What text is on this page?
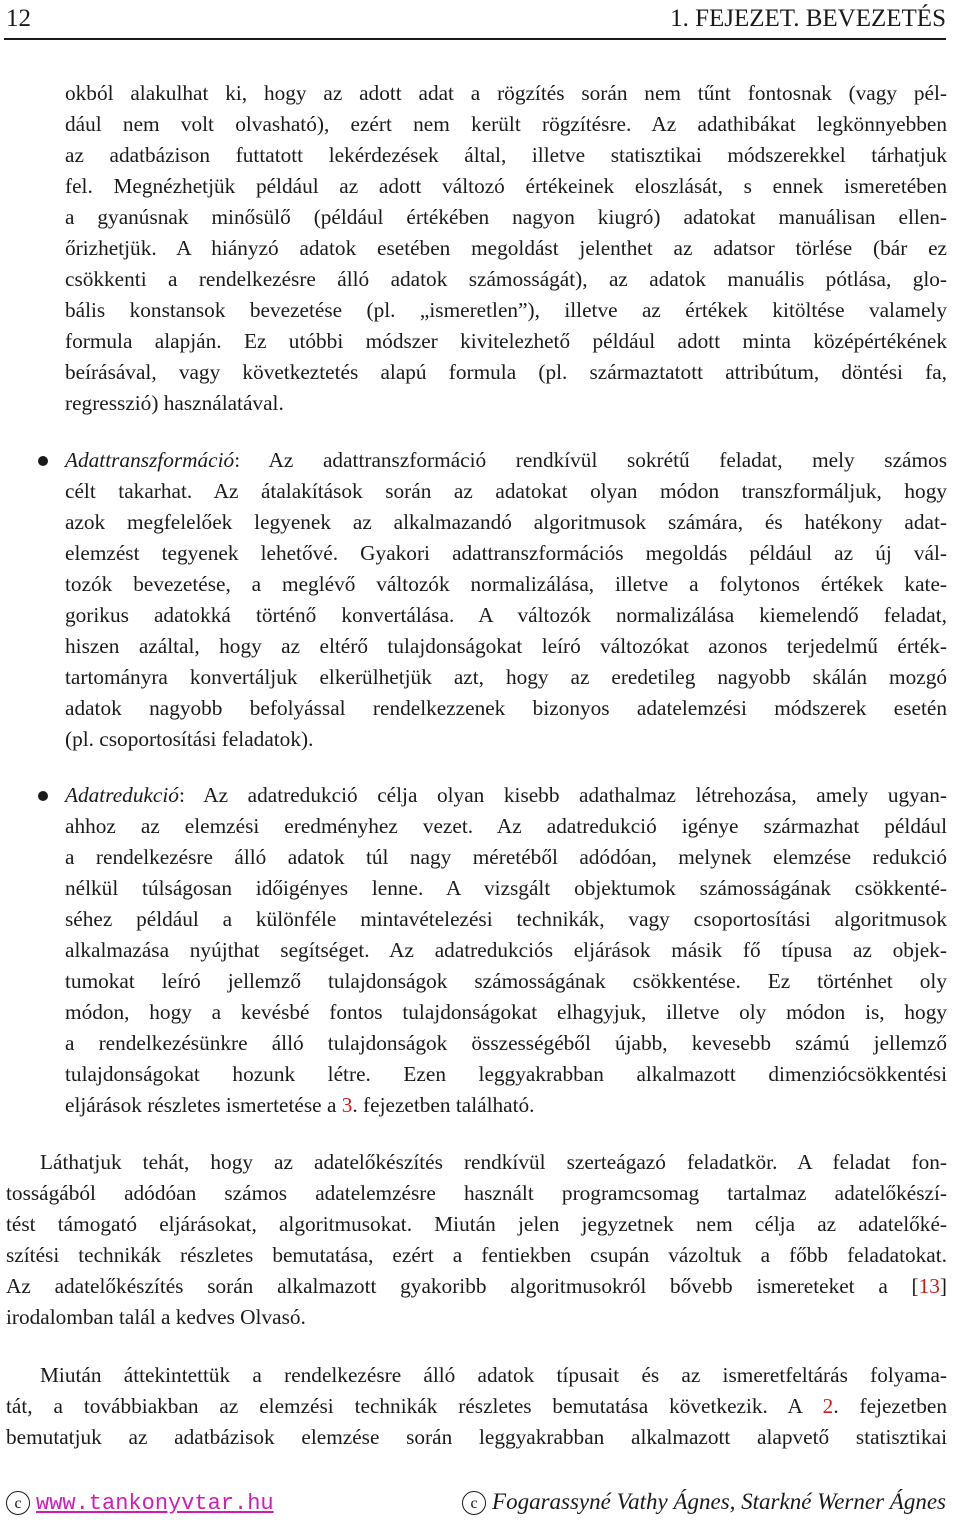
12	1. FEJEZET. BEVEZETÉS
okból alakulhat ki, hogy az adott adat a rögzítés során nem tűnt fontosnak (vagy pél-
dául nem volt olvasható), ezért nem került rögzítésre. Az adathibákat legkönnyebben
az adatbázison futtatott lekérdezések által, illetve statisztikai módszerekkel tárhatjuk
fel. Megnézhetjük például az adott változó értékeinek eloszlását, s ennek ismeretében
a gyanúsnak minősülő (például értékében nagyon kiugró) adatokat manuálisan ellen-
őrizhetjük. A hiányzó adatok esetében megoldást jelenthet az adatsor törlése (bár ez
csökkenti a rendelkezésre álló adatok számosságát), az adatok manuális pótlása, glo-
bális konstansok bevezetése (pl. „ismeretlen”), illetve az értékek kitöltése valamely
formula alapján. Ez utóbbi módszer kivitelezhető például adott minta középértékének
beírásával, vagy következtetés alapú formula (pl. származtatott attribútum, döntési fa,
regresszió) használatával.
Adattranszformáció: Az adattranszformáció rendkívül sokrétű feladat, mely számos
célt takarhat. Az átalakítások során az adatokat olyan módon transzformáljuk, hogy
azok megfelelőek legyenek az alkalmazandó algoritmusok számára, és hatékony adat-
elemzést tegyenek lehetővé. Gyakori adattranszformációs megoldás például az új vál-
tozók bevezetése, a meglévő változók normalizálása, illetve a folytonos értékek kate-
gorikus adatokká történő konvertálása. A változók normalizálása kiemelendő feladat,
hiszen azáltal, hogy az eltérő tulajdonságokat leíró változókat azonos terjedelmű érték-
tartományra konvertáljuk elkerülhetjük azt, hogy az eredetileg nagyobb skálán mozgó
adatok nagyobb befolyással rendelkezzenek bizonyos adatelemzési módszerek esetén
(pl. csoportosítási feladatok).
Adatredukció: Az adatredukció célja olyan kisebb adathalmaz létrehozása, amely ugyan-
ahhoz az elemzési eredményhez vezet. Az adatredukció igénye származhat például
a rendelkezésre álló adatok túl nagy méretéből adódóan, melynek elemzése redukció
nélkül túlságosan időigényes lenne. A vizsgált objektumok számosságának csökkenté-
séhez például a különféle mintavételezési technikák, vagy csoportosítási algoritmusok
alkalmazása nyújthat segítséget. Az adatredukciós eljárások másik fő típusa az objek-
tumokat leíró jellemző tulajdonságok számosságának csökkentése. Ez történhet oly
módon, hogy a kevésbé fontos tulajdonságokat elhagyjuk, illetve oly módon is, hogy
a rendelkezésünkre álló tulajdonságok összességéből újabb, kevesebb számú jellemző
tulajdonságokat hozunk létre. Ezen leggyakrabban alkalmazott dimenziócsökkentési
eljárások részletes ismertetése a 3. fejezetben található.
Láthatjuk tehát, hogy az adatelőkészítés rendkívül szerteágazó feladatkör. A feladat fon-
tosságából adódóan számos adatelemzésre használt programcsomag tartalmaz adatelőkészí-
tést támogató eljárásokat, algoritmusokat. Miután jelen jegyzetnek nem célja az adatelőké-
szítési technikák részletes bemutatása, ezért a fentiekben csupán vázoltuk a főbb feladatokat.
Az adatelőkészítés során alkalmazott gyakoribb algoritmusokról bővebb ismereteket a [13]
irodalomban talál a kedves Olvasó.
Miután áttekintettük a rendelkezésre álló adatok típusait és az ismeretfeltárás folyama-
tát, a továbbiakban az elemzési technikák részletes bemutatása következik. A 2. fejezetben
bemutatjuk az adatbázisok elemzése során leggyakrabban alkalmazott alapvető statisztikai
c www.tankonyvtar.hu	c Fogarassyné Vathy Ágnes, Starkné Werner Ágnes
